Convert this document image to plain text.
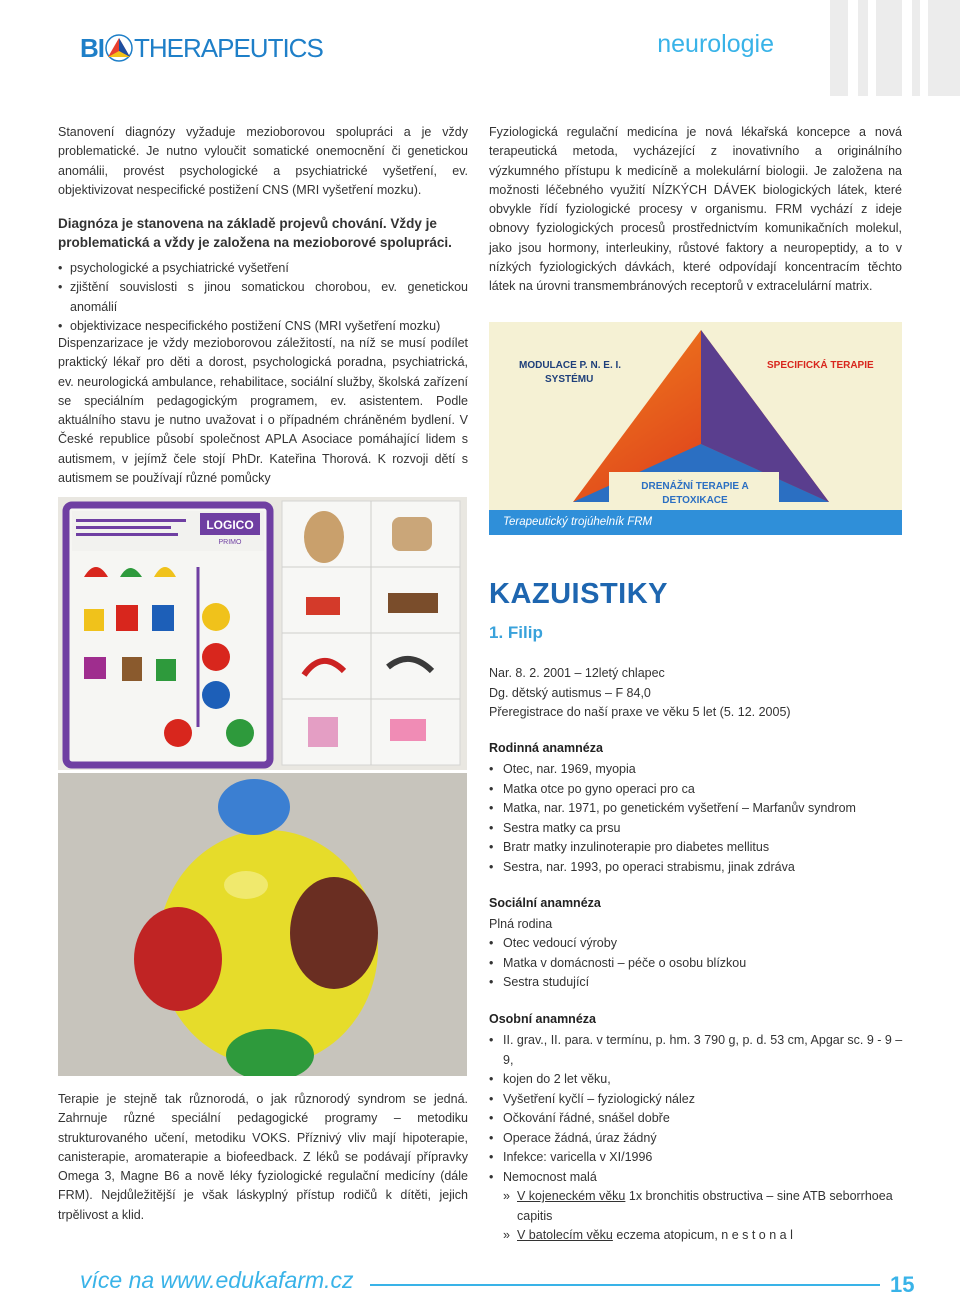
BI THERAPEUTICS	neurologie
Stanovení diagnózy vyžaduje mezioborovou spolupráci a je vždy problematické. Je nutno vyloučit somatické onemocnění či genetickou anomálii, provést psychologické a psychiatrické vyšetření, ev. objektivizovat nespecifické postižení CNS (MRI vyšetření mozku).
Diagnóza je stanovena na základě projevů chování. Vždy je problematická a vždy je založena na mezioborové spolupráci.
• psychologické a psychiatrické vyšetření
• zjištění souvislosti s jinou somatickou chorobou, ev. genetickou anomálií
• objektivizace nespecifického postižení CNS (MRI vyšetření mozku)
Dispenzarizace je vždy mezioborovou záležitostí, na níž se musí podílet praktický lékař pro děti a dorost, psychologická poradna, psychiatrická, ev. neurologická ambulance, rehabilitace, sociální služby, školská zařízení se speciálním pedagogickým programem, ev. asistentem. Podle aktuálního stavu je nutno uvažovat i o případném chráněném bydlení. V České republice působí společnost APLA Asociace pomáhající lidem s autismem, v jejímž čele stojí PhDr. Kateřina Thorová. K rozvoji dětí s autismem se používají různé pomůcky
LOGICO
PRIMO
Terapie je stejně tak různorodá, o jak různorodý syndrom se jedná. Zahrnuje různé speciální pedagogické programy – metodiku strukturovaného učení, metodiku VOKS. Příznivý vliv mají hipoterapie, canisterapie, aromaterapie a biofeedback. Z léků se podávají přípravky Omega 3, Magne B6 a nově léky fyziologické regulační medicíny (dále FRM). Nejdůležitější je však láskyplný přístup rodičů k dítěti, jejich trpělivost a klid.
Fyziologická regulační medicína je nová lékařská koncepce a nová terapeutická metoda, vycházející z inovativního a originálního výzkumného přístupu k medicíně a molekulární biologii. Je založena na možnosti léčebného využití NÍZKÝCH DÁVEK biologických látek, které obvykle řídí fyziologické procesy v organismu. FRM vychází z ideje obnovy fyziologických procesů prostřednictvím komunikačních molekul, jako jsou hormony, interleukiny, růstové faktory a neuropeptidy, a to v nízkých fyziologických dávkách, které odpovídají koncentracím těchto látek na úrovni transmembránových receptorů v extracelulární matrix.
MODULACE P. N. E. I.
SYSTÉMU
SPECIFICKÁ TERAPIE
DRENÁŽNÍ TERAPIE A
DETOXIKACE
Terapeutický trojúhelník FRM
KAZUISTIKY
1. Filip
Nar. 8. 2. 2001 – 12letý chlapec
Dg. dětský autismus – F 84,0
Přeregistrace do naší praxe ve věku 5 let (5. 12. 2005)
Rodinná anamnéza
• Otec, nar. 1969, myopia
• Matka otce po gyno operaci pro ca
• Matka, nar. 1971, po genetickém vyšetření – Marfanův syndrom
• Sestra matky ca prsu
• Bratr matky inzulinoterapie pro diabetes mellitus
• Sestra, nar. 1993, po operaci strabismu, jinak zdráva
Sociální anamnéza
Plná rodina
• Otec vedoucí výroby
• Matka v domácnosti – péče o osobu blízkou
• Sestra studující
Osobní anamnéza
• II. grav., II. para. v termínu, p. hm. 3 790 g, p. d. 53 cm, Apgar sc. 9 - 9 – 9,
• kojen do 2 let věku,
• Vyšetření kyčlí – fyziologický nález
• Očkování řádné, snášel dobře
• Operace žádná, úraz žádný
• Infekce: varicella v XI/1996
• Nemocnost malá
» V kojeneckém věku 1x bronchitis obstructiva – sine ATB seborrhoea
capitis
» V batolecím věku eczema atopicum, n e s t o n a l
více na www.edukafarm.cz	15
